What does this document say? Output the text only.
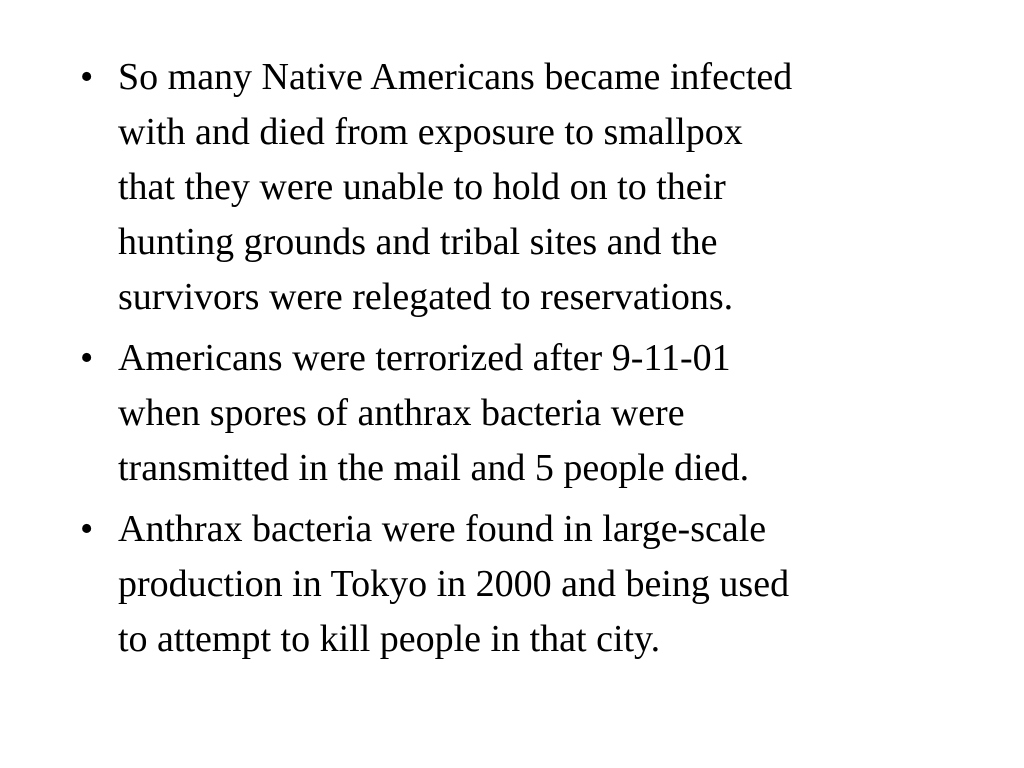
• So many Native Americans became infected
with and died from exposure to smallpox
that they were unable to hold on to their
hunting grounds and tribal sites and the
survivors were relegated to reservations.
• Americans were terrorized after 9-11-01
when spores of anthrax bacteria were
transmitted in the mail and 5 people died.
• Anthrax bacteria were found in large-scale
production in Tokyo in 2000 and being used
to attempt to kill people in that city.
